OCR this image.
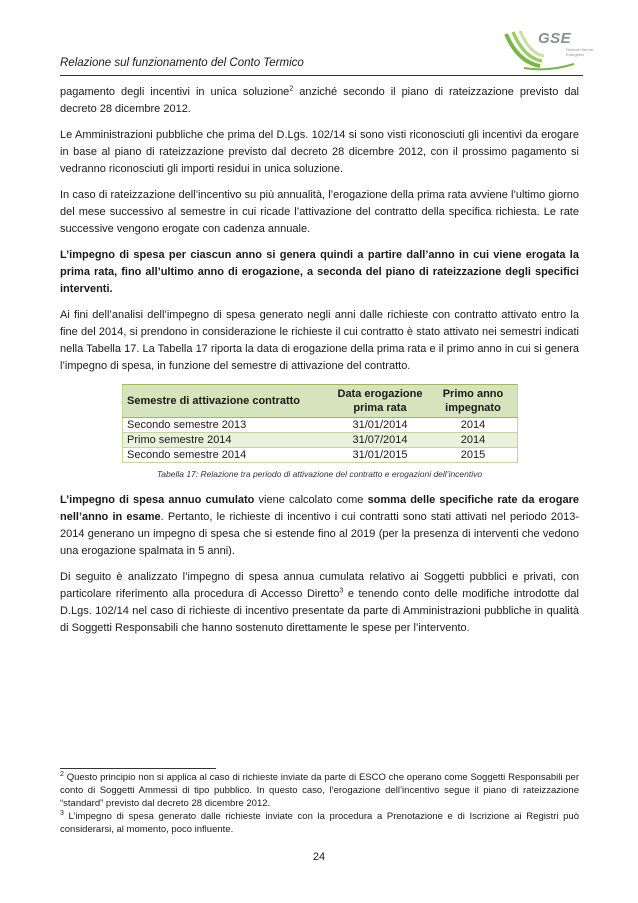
Relazione sul funzionamento del Conto Termico
GSE
Gestore Servizi Energetici

pagamento degli incentivi in unica soluzione$^2$ anziché secondo il piano di rateizzazione previsto dal decreto 28 dicembre 2012.

Le Amministrazioni pubbliche che prima del D.Lgs. 102/14 si sono visti riconosciuti gli incentivi da erogare in base al piano di rateizzazione previsto dal decreto 28 dicembre 2012, con il prossimo pagamento si vedranno riconosciuti gli importi residui in unica soluzione.

In caso di rateizzazione dell’incentivo su più annualità, l’erogazione della prima rata avviene l’ultimo giorno del mese successivo al semestre in cui ricade l’attivazione del contratto della specifica richiesta. Le rate successive vengono erogate con cadenza annuale.

L’impegno di spesa per ciascun anno si genera quindi a partire dall’anno in cui viene erogata la prima rata, fino all’ultimo anno di erogazione, a seconda del piano di rateizzazione degli specifici interventi.

Ai fini dell’analisi dell’impegno di spesa generato negli anni dalle richieste con contratto attivato entro la fine del 2014, si prendono in considerazione le richieste il cui contratto è stato attivato nei semestri indicati nella Tabella 17. La Tabella 17 riporta la data di erogazione della prima rata e il primo anno in cui si genera l’impegno di spesa, in funzione del semestre di attivazione del contratto.

Semestre di attivazione contratto	Data erogazione prima rata	Primo anno impegnato
Secondo semestre 2013	31/01/2014	2014
Primo semestre 2014	31/07/2014	2014
Secondo semestre 2014	31/01/2015	2015
Tabella 17: Relazione tra periodo di attivazione del contratto e erogazioni dell’incentivo

L’impegno di spesa annuo cumulato viene calcolato come somma delle specifiche rate da erogare nell’anno in esame. Pertanto, le richieste di incentivo i cui contratti sono stati attivati nel periodo 2013-2014 generano un impegno di spesa che si estende fino al 2019 (per la presenza di interventi che vedono una erogazione spalmata in 5 anni).

Di seguito è analizzato l’impegno di spesa annua cumulata relativo ai Soggetti pubblici e privati, con particolare riferimento alla procedura di Accesso Diretto$^3$ e tenendo conto delle modifiche introdotte dal D.Lgs. 102/14 nel caso di richieste di incentivo presentate da parte di Amministrazioni pubbliche in qualità di Soggetti Responsabili che hanno sostenuto direttamente le spese per l’intervento.

$^2$ Questo principio non si applica al caso di richieste inviate da parte di ESCO che operano come Soggetti Responsabili per conto di Soggetti Ammessi di tipo pubblico. In questo caso, l’erogazione dell’incentivo segue il piano di rateizzazione “standard” previsto dal decreto 28 dicembre 2012.

$^3$ L’impegno di spesa generato dalle richieste inviate con la procedura a Prenotazione e di Iscrizione ai Registri può considerarsi, al momento, poco influente.

24
